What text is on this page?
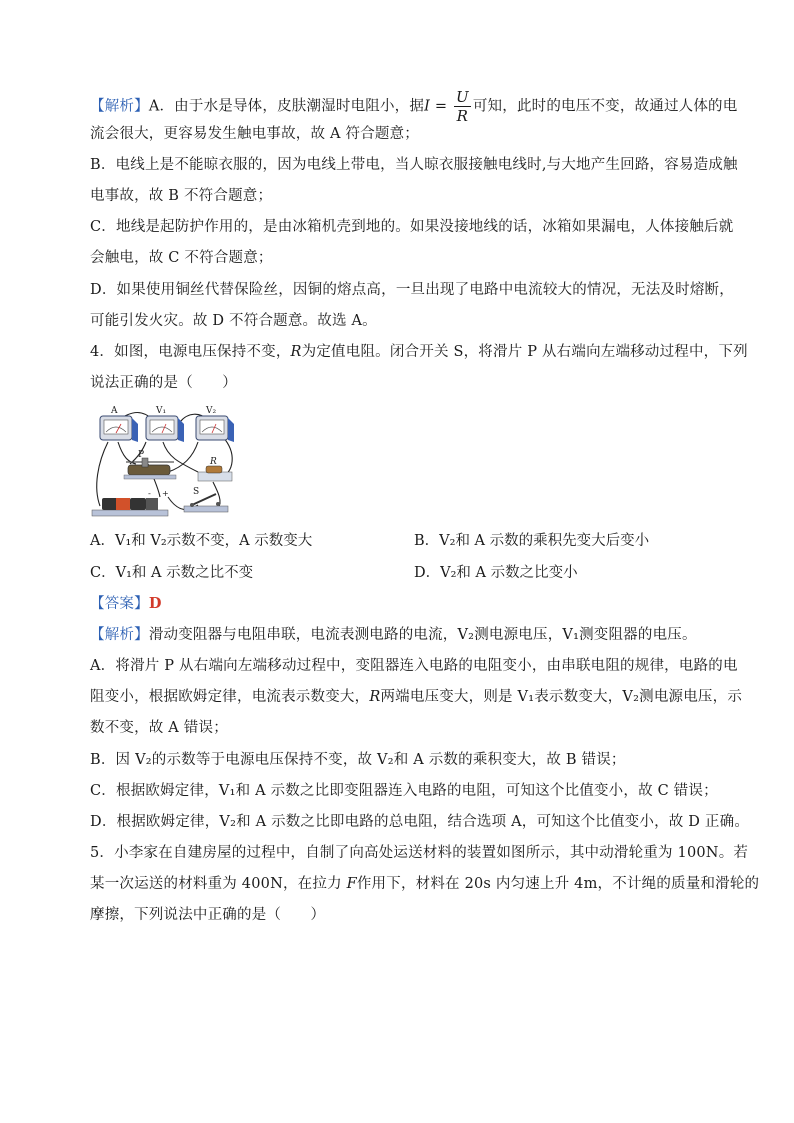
【解析】A．由于水是导体，皮肤潮湿时电阻小，据$I = \frac{U}{R}$ 可知，此时的电压不变，故通过人体的电
流会很大，更容易发生触电事故，故 A 符合题意；
B．电线上是不能晾衣服的，因为电线上带电，当人晾衣服接触电线时,与大地产生回路，容易造成触
电事故，故 B 不符合题意；
C．地线是起防护作用的，是由冰箱机壳到地的。如果没接地线的话，冰箱如果漏电，人体接触后就
会触电，故 C 不符合题意；
D．如果使用铜丝代替保险丝，因铜的熔点高，一旦出现了电路中电流较大的情况，无法及时熔断，
可能引发火灾。故 D 不符合题意。故选 A。
4．如图，电源电压保持不变，R为定值电阻。闭合开关 S，将滑片 P 从右端向左端移动过程中，下列
说法正确的是（　　）
A	V₁	V₂
P
R
- +	S
A．V₁和 V₂示数不变，A 示数变大	B．V₂和 A 示数的乘积先变大后变小
C．V₁和 A 示数之比不变	D．V₂和 A 示数之比变小
【答案】D
【解析】滑动变阻器与电阻串联，电流表测电路的电流，V₂测电源电压，V₁测变阻器的电压。
A．将滑片 P 从右端向左端移动过程中，变阻器连入电路的电阻变小，由串联电阻的规律，电路的电
阻变小，根据欧姆定律，电流表示数变大，R两端电压变大，则是 V₁表示数变大，V₂测电源电压，示
数不变，故 A 错误；
B．因 V₂的示数等于电源电压保持不变，故 V₂和 A 示数的乘积变大，故 B 错误；
C．根据欧姆定律，V₁和 A 示数之比即变阻器连入电路的电阻，可知这个比值变小，故 C 错误；
D．根据欧姆定律，V₂和 A 示数之比即电路的总电阻，结合选项 A，可知这个比值变小，故 D 正确。
5．小李家在自建房屋的过程中，自制了向高处运送材料的装置如图所示，其中动滑轮重为 100N。若
某一次运送的材料重为 400N，在拉力 F作用下，材料在 20s 内匀速上升 4m，不计绳的质量和滑轮的
摩擦，下列说法中正确的是（　　）
